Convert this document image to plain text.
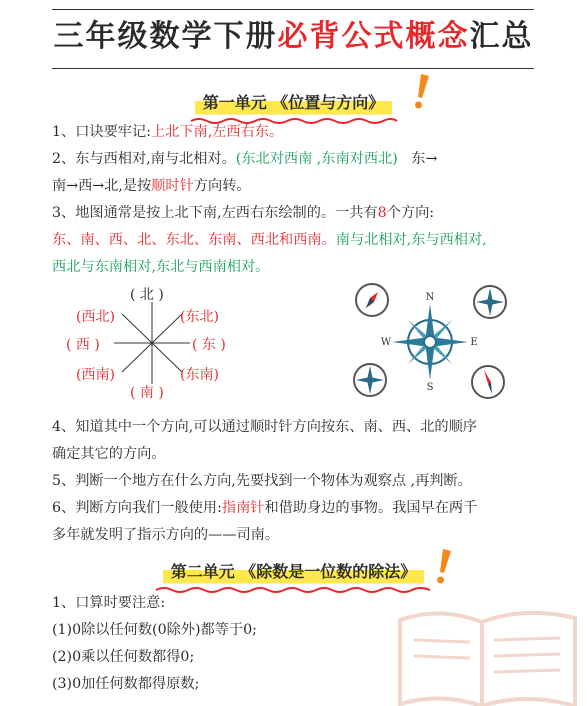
三年级数学下册必背公式概念汇总
第一单元 《位置与方向》
1、口诀要牢记:上北下南,左西右东。
2、东与西相对,南与北相对。(东北对西南 ,东南对西北) 东→
南→西→北,是按顺时针方向转。
3、地图通常是按上北下南,左西右东绘制的。一共有8个方向:
东、南、西、北、东北、东南、西北和西南。南与北相对,东与西相对,
西北与东南相对,东北与西南相对。
( 北 )
(西北)	(东北)
( 西 )	( 东 )
(西南)	(东南)
( 南 )
N
S
E
W
4、知道其中一个方向,可以通过顺时针方向按东、南、西、北的顺序
确定其它的方向。
5、判断一个地方在什么方向,先要找到一个物体为观察点 ,再判断。
6、判断方向我们一般使用:指南针和借助身边的事物。我国早在两千
多年就发明了指示方向的——司南。
第二单元 《除数是一位数的除法》
1、口算时要注意:
(1)0除以任何数(0除外)都等于0;
(2)0乘以任何数都得0;
(3)0加任何数都得原数;
